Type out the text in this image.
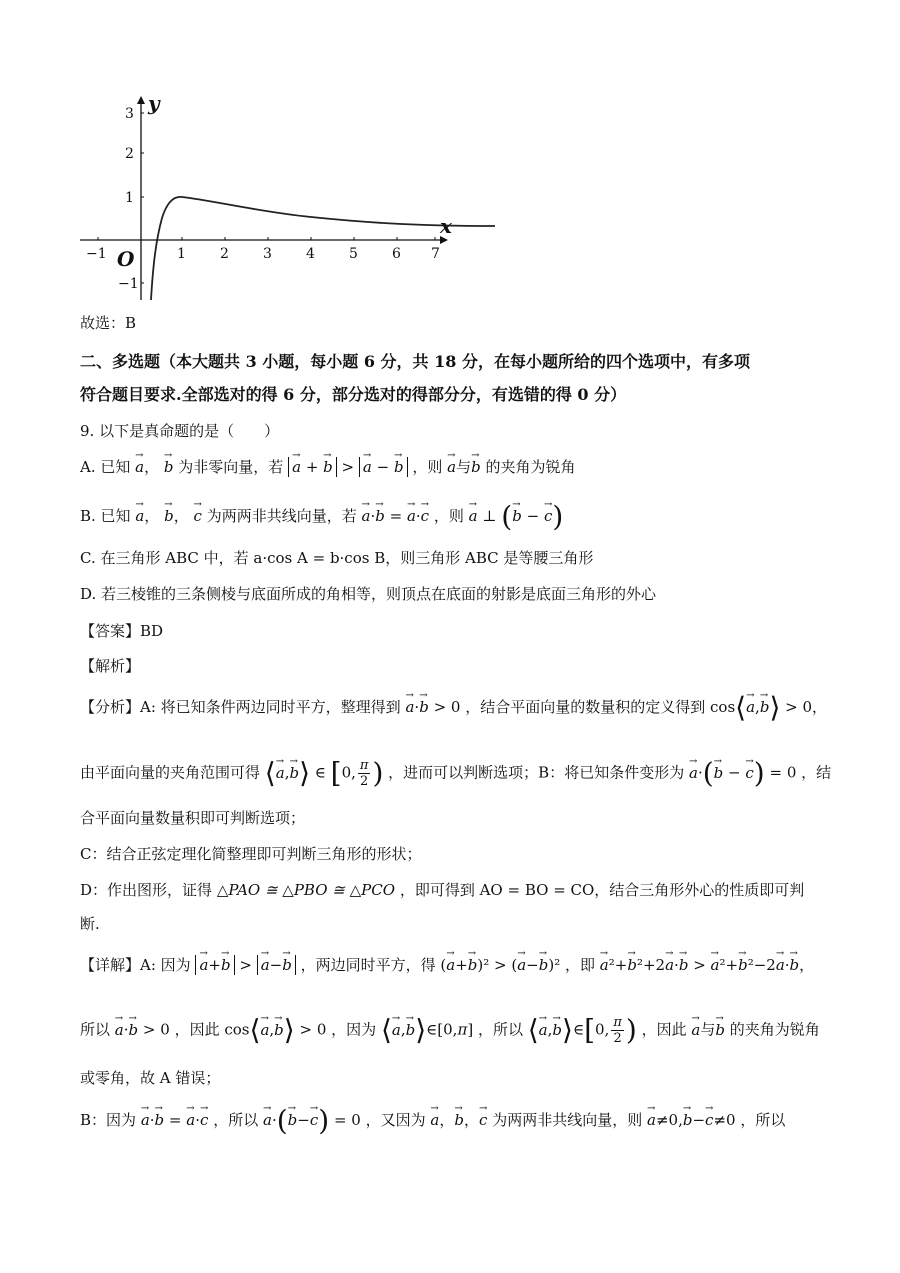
−1	1 2 3 4 5 6 7
3
2
1
−1
y
x
O
故选：B
二、多选题（本大题共 3 小题，每小题 6 分，共 18 分，在每小题所给的四个选项中，有多项
符合题目要求.全部选对的得 6 分，部分选对的得部分分，有选错的得 0 分）
9. 以下是真命题的是（　　）
A. 已知 → a， → b 为非零向量，若 → a + → b > → a − → b ，则 → a与→ b 的夹角为锐角
B. 已知 → a， → b， → c 为两两非共线向量，若 → a·→ b = → a·→ c ，则 → a ⊥ (→ b − → c)
C. 在三角形 ABC 中，若 a·cos A = b·cos B，则三角形 ABC 是等腰三角形
D. 若三棱锥的三条侧棱与底面所成的角相等，则顶点在底面的射影是底面三角形的外心
【答案】BD
【解析】
【分析】A: 将已知条件两边同时平方，整理得到 → a·→ b > 0 ，结合平面向量的数量积的定义得到 cos⟨→ a,→ b⟩ > 0，
由平面向量的夹角范围可得 ⟨→ a,→ b⟩ ∈ [0, $\frac{\pi}{2}$ ) ，进而可以判断选项；B：将已知条件变形为 → a·(→ b − → c) = 0 ，结
合平面向量数量积即可判断选项；
C：结合正弦定理化简整理即可判断三角形的形状；
D：作出图形，证得 △PAO ≅ △PBO ≅ △PCO ，即可得到 AO = BO = CO，结合三角形外心的性质即可判
断.
【详解】A: 因为 → a+→ b > → a−→ b ，两边同时平方，得 (→ a+→ b)² > (→ a−→ b)² ，即 → a²+→ b²+2→ a·→ b > → a²+→ b²−2→ a·→ b，
所以 → a·→ b > 0 ，因此 cos⟨→ a,→ b⟩ > 0 ，因为 ⟨→ a,→ b⟩∈[0,π] ，所以 ⟨→ a,→ b⟩∈[0, $\frac{\pi}{2}$ ) ，因此 → a与→ b 的夹角为锐角
或零角，故 A 错误；
B：因为 → a·→ b = → a·→ c ，所以 → a·(→ b−→ c) = 0 ，又因为 → a，→ b，→ c 为两两非共线向量，则 → a≠0,→ b−→ c≠0 ，所以
